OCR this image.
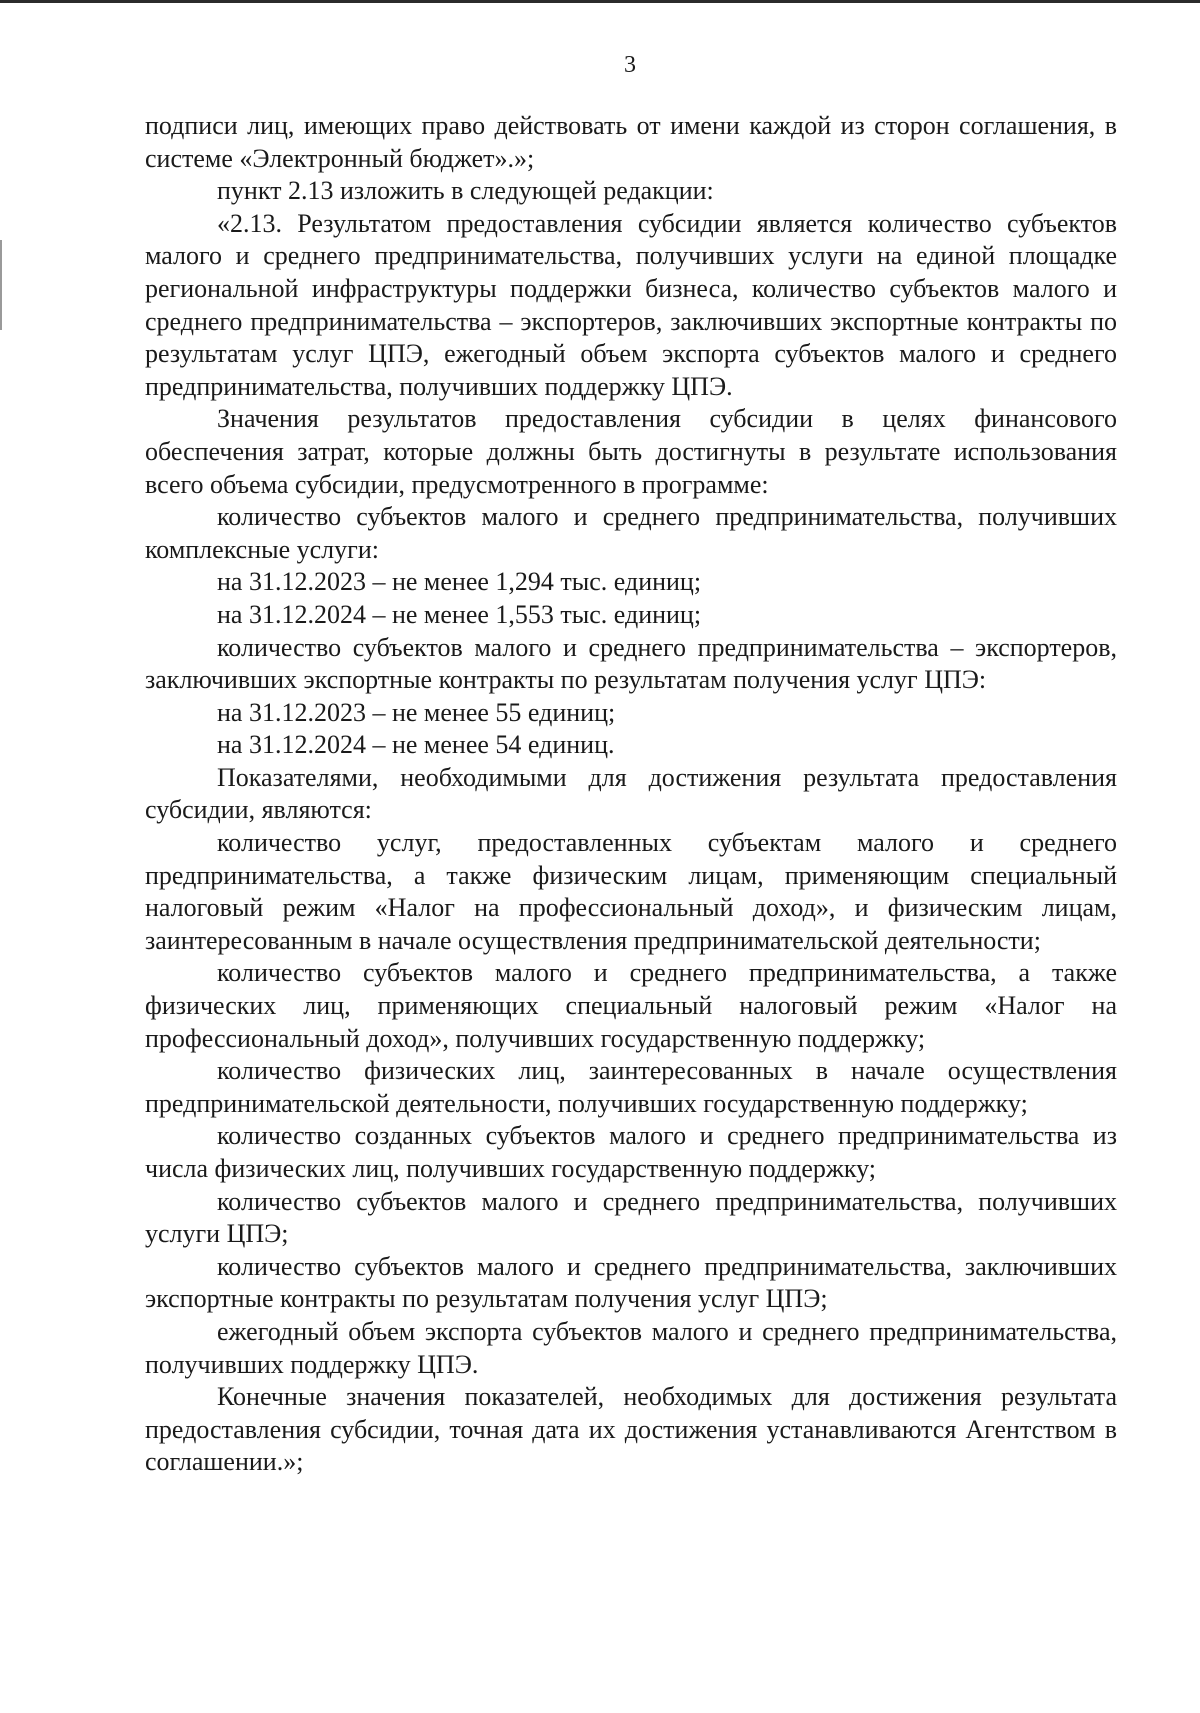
3

подписи лиц, имеющих право действовать от имени каждой из сторон соглашения, в системе «Электронный бюджет».»;

пункт 2.13 изложить в следующей редакции:

«2.13. Результатом предоставления субсидии является количество субъектов малого и среднего предпринимательства, получивших услуги на единой площадке региональной инфраструктуры поддержки бизнеса, количество субъектов малого и среднего предпринимательства – экспортеров, заключивших экспортные контракты по результатам услуг ЦПЭ, ежегодный объем экспорта субъектов малого и среднего предпринимательства, получивших поддержку ЦПЭ.

Значения результатов предоставления субсидии в целях финансового обеспечения затрат, которые должны быть достигнуты в результате использования всего объема субсидии, предусмотренного в программе:

количество субъектов малого и среднего предпринимательства, получивших комплексные услуги:

на 31.12.2023 – не менее 1,294 тыс. единиц;

на 31.12.2024 – не менее 1,553 тыс. единиц;

количество субъектов малого и среднего предпринимательства – экспортеров, заключивших экспортные контракты по результатам получения услуг ЦПЭ:

на 31.12.2023 – не менее 55 единиц;

на 31.12.2024 – не менее 54 единиц.

Показателями, необходимыми для достижения результата предоставления субсидии, являются:

количество услуг, предоставленных субъектам малого и среднего предпринимательства, а также физическим лицам, применяющим специальный налоговый режим «Налог на профессиональный доход», и физическим лицам, заинтересованным в начале осуществления предпринимательской деятельности;

количество субъектов малого и среднего предпринимательства, а также физических лиц, применяющих специальный налоговый режим «Налог на профессиональный доход», получивших государственную поддержку;

количество физических лиц, заинтересованных в начале осуществления предпринимательской деятельности, получивших государственную поддержку;

количество созданных субъектов малого и среднего предпринимательства из числа физических лиц, получивших государственную поддержку;

количество субъектов малого и среднего предпринимательства, получивших услуги ЦПЭ;

количество субъектов малого и среднего предпринимательства, заключивших экспортные контракты по результатам получения услуг ЦПЭ;

ежегодный объем экспорта субъектов малого и среднего предпринимательства, получивших поддержку ЦПЭ.

Конечные значения показателей, необходимых для достижения результата предоставления субсидии, точная дата их достижения устанавливаются Агентством в соглашении.»;
